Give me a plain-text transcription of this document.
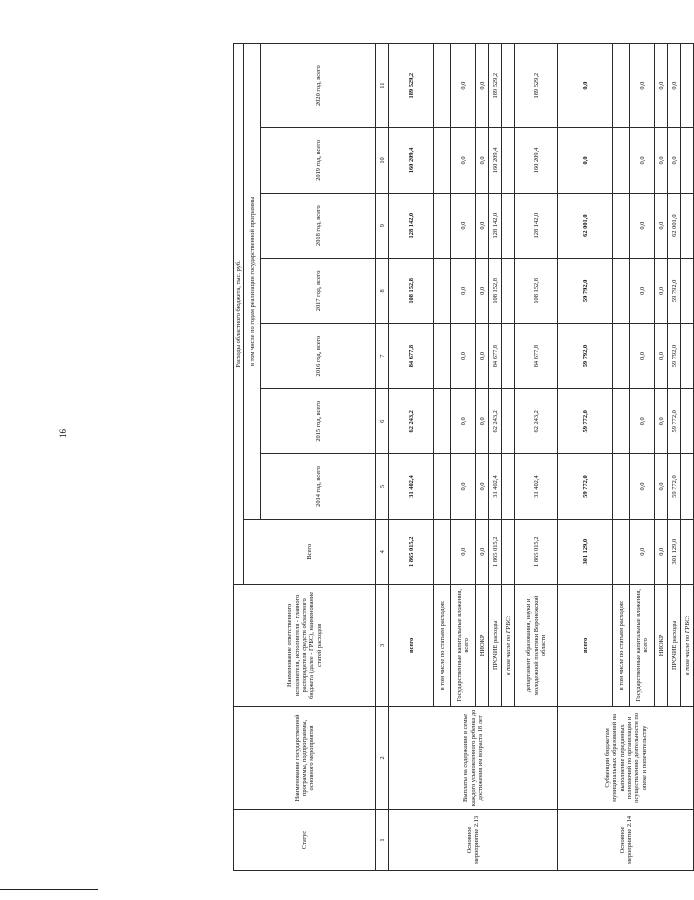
16
Статус	Наименование государственной программы, подпрограммы, основного мероприятия	Наименование ответственного исполнителя, исполнителя - главного распорядителя средств областного бюджета (далее - ГРБС), наименование статей расходов	Расходы областного бюджета, тыс. руб.							
			Всего	в том числе по годам реализации государственной программы						
				2014 год, всего	2015 год, всего	2016 год, всего	2017 год, всего	2018 год, всего	2019 год, всего	2020 год, всего
1	2	3	4	5	6	7	8	9	10	11
Основное мероприятие 2.13	Выплаты на содержание в семье каждого усыновленного ребенка до достижения им возраста 18 лет	всего	1 865 015,2	31 402,4	62 243,2	84 677,8	108 152,8	128 142,0	160 209,4	189 529,2
		в том числе по статьям расходов:								
		Государственные капитальные вложения, всего	0,0	0,0	0,0	0,0	0,0	0,0	0,0	0,0
		НИОКР	0,0	0,0	0,0	0,0	0,0	0,0	0,0	0,0
		ПРОЧИЕ расходы	1 865 015,2	31 402,4	62 243,2	84 677,8	108 152,8	128 142,0	160 209,4	189 529,2
		в том числе по ГРБС:								
		департамент образования, науки и молодежной политики Воронежской области	1 865 015,2	31 402,4	62 243,2	84 677,8	108 152,8	128 142,0	160 209,4	189 529,2
Основное мероприятие 2.14	Субвенции бюджетам муниципальных образований на выполнение переданных полномочий по организации и осуществлению деятельности по опеке и попечительству	всего	301 129,0	59 772,0	59 772,0	59 792,0	59 792,0	62 001,0	0,0	0,0
		в том числе по статьям расходов:								
		Государственные капитальные вложения, всего	0,0	0,0	0,0	0,0	0,0	0,0	0,0	0,0
		НИОКР	0,0	0,0	0,0	0,0	0,0	0,0	0,0	0,0
		ПРОЧИЕ расходы	301 129,0	59 772,0	59 772,0	59 792,0	59 792,0	62 001,0	0,0	0,0
		в том числе по ГРБС:								
